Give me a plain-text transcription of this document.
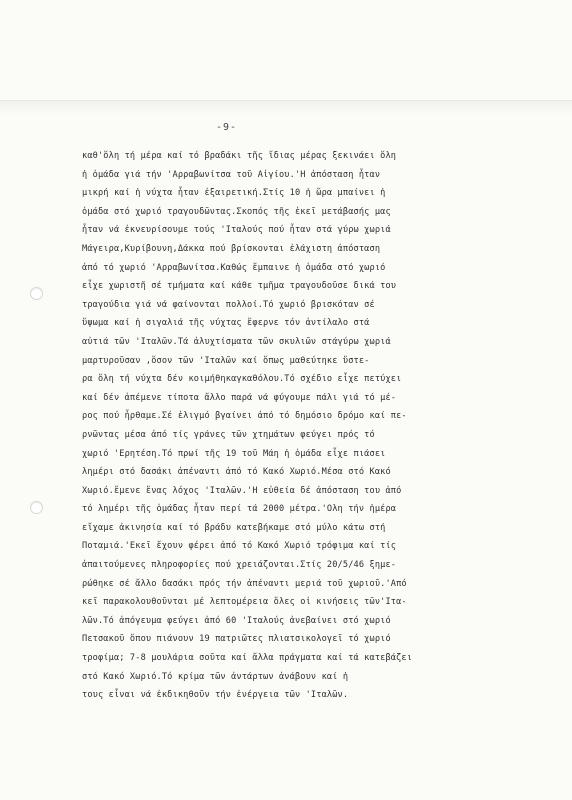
-9-
καθ'ὅλη τή μέρα καί τό βραδάκι τῆς ἴδιας μέρας ξεκινάει ὅλη
ἡ ὁμάδα γιά τήν 'Αρραβωνίτσα τοῦ Αἰγίου.'Η ἀπόσταση ἦταν
μικρή καί ἡ νύχτα ἦταν ἐξαιρετική.Στίς 10 ἡ ὥρα μπαίνει ἡ
ὁμάδα στό χωριό τραγουδῶντας.Σκοπός τῆς ἐκεῖ μετάβασής μας
ἦταν νά ἐκνευρίσουμε τούς 'Ιταλούς πού ἦταν στά γύρω χωριά
Μάγειρα,Κυρίβουνη,Δάκκα πού βρίσκονται ἐλάχιστη ἀπόσταση
ἀπό τό χωριό 'Αρραβωνίτσα.Καθώς ἔμπαινε ἡ ὁμάδα στό χωριό
εἶχε χωριστῆ σέ τμήματα καί κάθε τμῆμα τραγουδοῦσε δικά του
τραγούδια γιά νά φαίνονται πολλοί.Τό χωριό βρισκόταν σέ
ὕψωμα καί ἡ σιγαλιά τῆς νύχτας ἔφερνε τόν ἀντίλαλο στά
αὐτιά τῶν 'Ιταλῶν.Τά ἀλυχτίσματα τῶν σκυλιῶν στάγύρω χωριά
μαρτυροῦσαν ,ὅσον τῶν 'Ιταλῶν καί ὅπως μαθεύτηκε ὕστε-
ρα ὅλη τή νύχτα δέν κοιμήθηκαγκαθόλου.Τό σχέδιο εἶχε πετύχει
καί δέν ἀπέμενε τίποτα ἄλλο παρά νά φύγουμε πάλι γιά τό μέ-
ρος πού ἦρθαμε.Σέ ἐλιγμό βγαίνει ἀπό τό δημόσιο δρόμο καί πε-
ρνῶντας μέσα ἀπό τίς γράνες τῶν χτημάτων φεύγει πρός τό
χωριό 'Ερητέση.Τό πρωί τῆς 19 τοῦ Μάη ἡ ὁμάδα εἶχε πιάσει
λημέρι στό δασάκι ἀπέναντι ἀπό τό Κακό Χωριό.Μέσα στό Κακό
Χωριό.ἔμενε ἕνας λόχος 'Ιταλῶν.'Η εὐθεία δέ ἀπόσταση του ἀπό
τό λημέρι τῆς ὁμάδας ἦταν περί τά 2000 μέτρα.'Ολη τήν ἡμέρα
εἴχαμε ἀκινησία καί τό βράδυ κατεβήκαμε στό μύλο κάτω στή
Ποταμιά.'Εκεῖ ἔχουν φέρει ἀπό τό Κακό Χωριό τρόφιμα καί τίς
ἀπαιτούμενες πληροφορίες πού χρειάζονται.Στίς 20/5/46 ξημε-
ρώθηκε σέ ἄλλο δασάκι πρός τήν ἀπέναντι μεριά τοῦ χωριοῦ.'Από
κεῖ παρακολουθοῦνται μέ λεπτομέρεια ὅλες οἱ κινήσεις τῶν'Ιτα-
λῶν.Τό ἀπόγευμα φεύγει ἀπό 60 'Ιταλούς ἀνεβαίνει στό χωριό
Πετσακοῦ ὅπου πιάνουν 19 πατριῶτες πλιατσικολογεῖ τό χωριό
τροφίμα; 7-8 μουλάρια σοῦτα καί ἄλλα πράγματα καί τά κατεβάζει
στό Κακό Χωριό.Τό κρίμα τῶν ἀντάρτων ἀνάβουν καί ἡ
τους εἶναι νά ἐκδικηθοῦν τήν ἐνέργεια τῶν 'Ιταλῶν.
